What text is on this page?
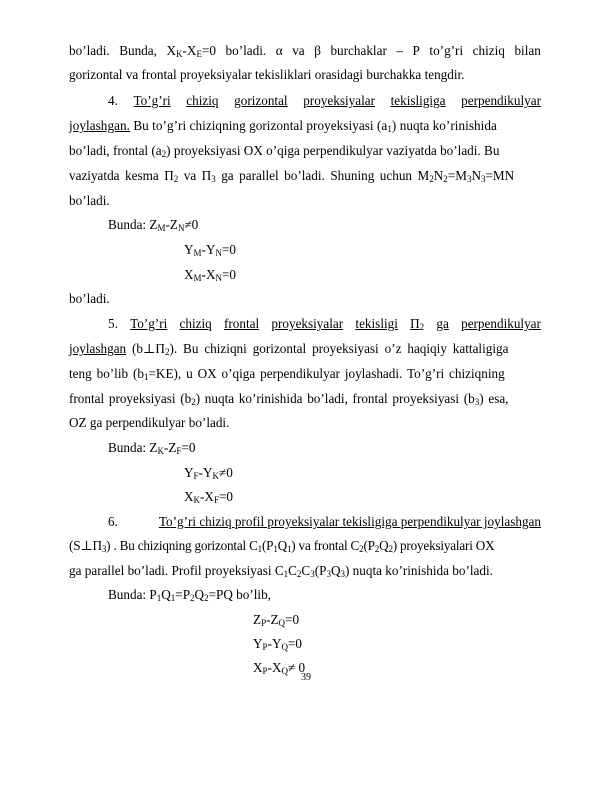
bo’ladi. Bunda, $X_K-X_E=0$ bo’ladi. α va β burchaklar – P to’g’ri chiziq bilan
gorizontal va frontal proyeksiyalar tekisliklari orasidagi burchakka tengdir.
4. To’g’ri chiziq gorizontal proyeksiyalar tekisligiga perpendikulyar
joylashgan. Bu to’g’ri chiziqning gorizontal proyeksiyasi $(a_1)$ nuqta ko’rinishida
bo’ladi, frontal $(a_2)$ proyeksiyasi OX o’qiga perpendikulyar vaziyatda bo’ladi. Bu
vaziyatda kesma $\Pi_2$ va $\Pi_3$ ga parallel bo’ladi. Shuning uchun $M_2N_2=M_3N_3=MN$
bo’ladi.
Bunda: $Z_M-Z_N\ne 0$
$Y_M-Y_N=0$
$X_M-X_N=0$
bo’ladi.
5. To’g’ri chiziq frontal proyeksiyalar tekisligi $\Pi_2$ ga perpendikulyar
joylashgan $(b\perp\Pi_2)$. Bu chiziqni gorizontal proyeksiyasi o’z haqiqiy kattaligiga
teng bo’lib $(b_1=KE)$, u OX o’qiga perpendikulyar joylashadi. To’g’ri chiziqning
frontal proyeksiyasi $(b_2)$ nuqta ko’rinishida bo’ladi, frontal proyeksiyasi $(b_3)$ esa,
OZ ga perpendikulyar bo’ladi.
Bunda: $Z_K-Z_F=0$
$Y_F-Y_K\ne 0$
$X_K-X_F=0$
6.	To’g’ri chiziq profil proyeksiyalar tekisligiga perpendikulyar joylashgan
$(S\perp\Pi_3)$ . Bu chiziqning gorizontal $C_1(P_1Q_1)$ va frontal $C_2(P_2Q_2)$ proyeksiyalari OX
ga parallel bo’ladi. Profil proyeksiyasi $C_1C_2C_3(P_3Q_3)$ nuqta ko’rinishida bo’ladi.
Bunda: $P_1Q_1=P_2Q_2=PQ$ bo’lib,
$Z_P-Z_Q=0$
$Y_P-Y_Q=0$
$X_P-X_Q\ne 0$
39
